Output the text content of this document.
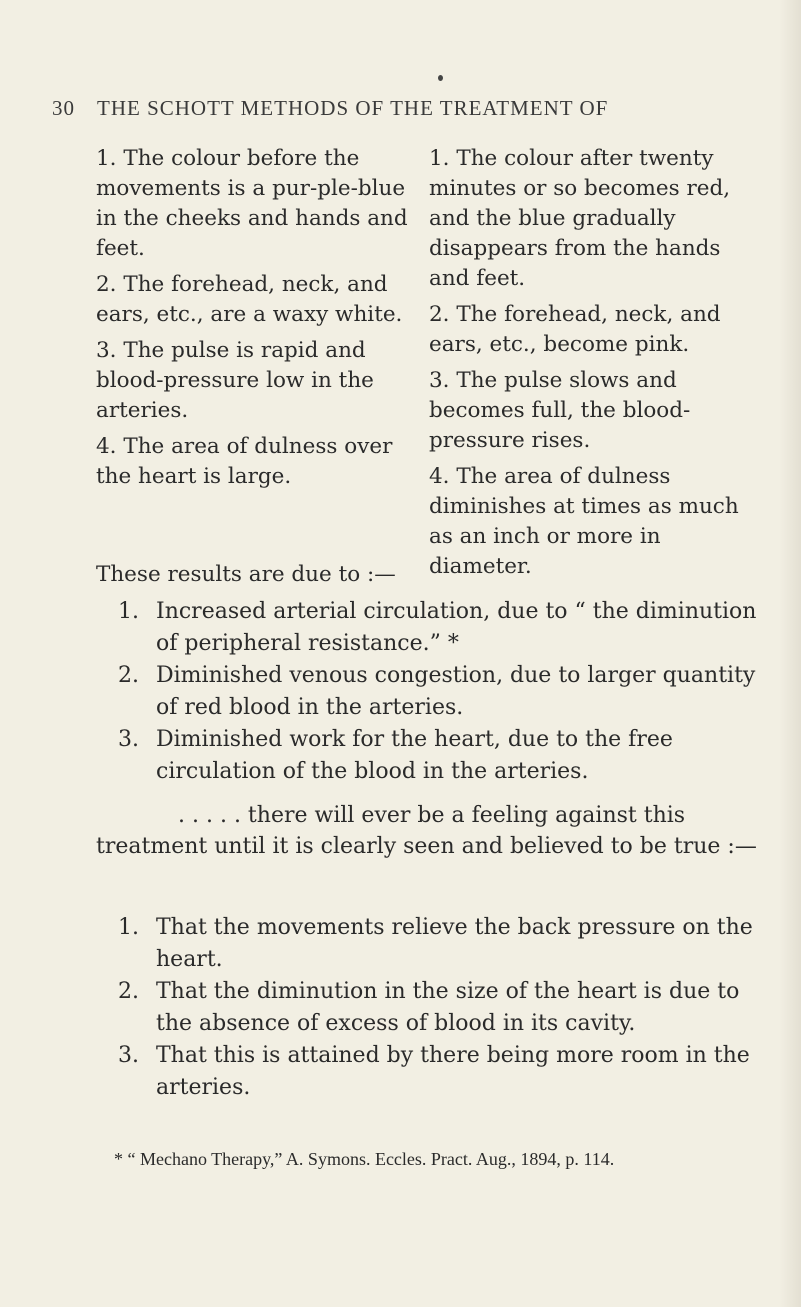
30 THE SCHOTT METHODS OF THE TREATMENT OF

1. The colour before the movements is a pur-ple-blue in the cheeks and hands and feet.

2. The forehead, neck, and ears, etc., are a waxy white.

3. The pulse is rapid and blood-pressure low in the arteries.

4. The area of dulness over the heart is large.

1. The colour after twenty minutes or so becomes red, and the blue gradually disappears from the hands and feet.

2. The forehead, neck, and ears, etc., become pink.

3. The pulse slows and becomes full, the blood-pressure rises.

4. The area of dulness diminishes at times as much as an inch or more in diameter.

These results are due to :—
1. Increased arterial circulation, due to “ the diminution of peripheral resistance.” *
2. Diminished venous congestion, due to larger quantity of red blood in the arteries.
3. Diminished work for the heart, due to the free circulation of the blood in the arteries.

. . . . . there will ever be a feeling against this treatment until it is clearly seen and believed to be true :—

1. That the movements relieve the back pressure on the heart.
2. That the diminution in the size of the heart is due to the absence of excess of blood in its cavity.
3. That this is attained by there being more room in the arteries.

* “ Mechano Therapy,” A. Symons. Eccles. Pract. Aug., 1894, p. 114.
